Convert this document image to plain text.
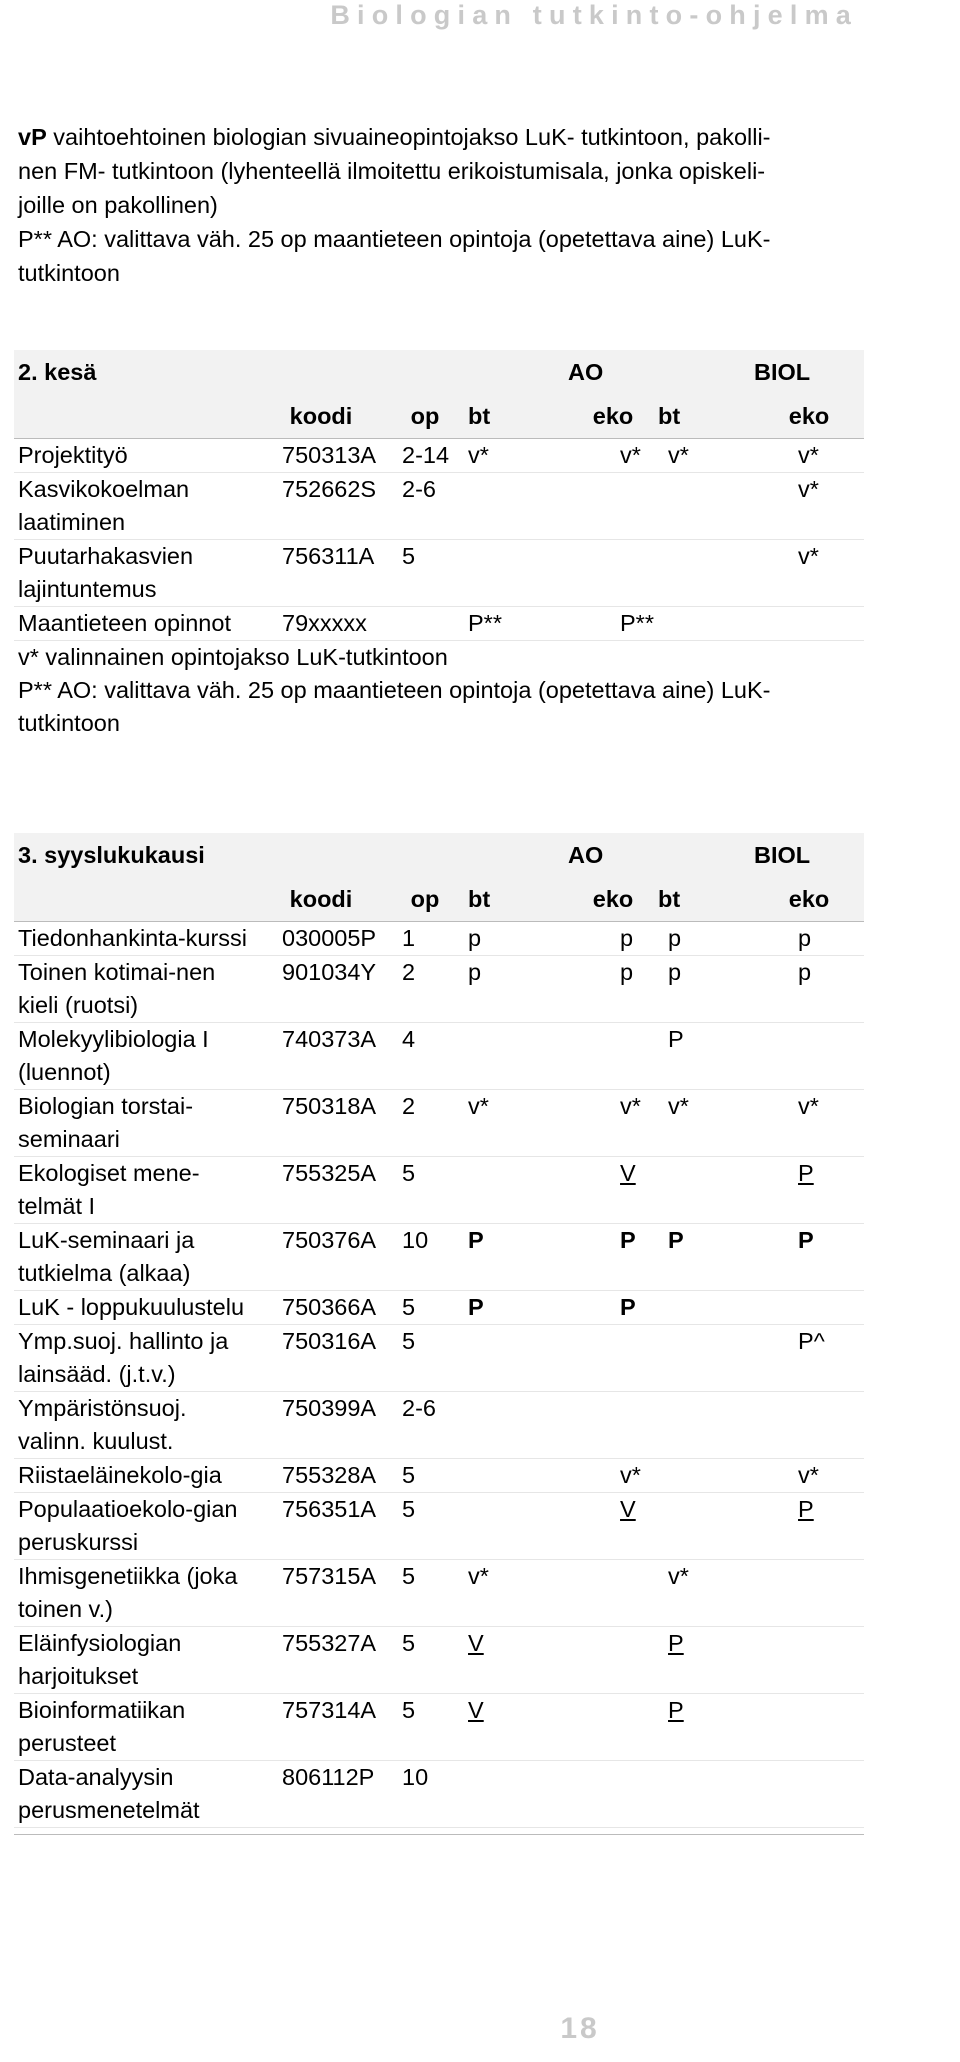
Biologian tutkinto-ohjelma

vP vaihtoehtoinen biologian sivuaineopintojakso LuK- tutkintoon, pakolli-

nen FM- tutkintoon (lyhenteellä ilmoitettu erikoistumisala, jonka opiskeli-

joille on pakollinen)

P** AO: valittava väh. 25 op maantieteen opintoja (opetettava aine) LuK-

tutkintoon

2. kesä				AO		BIOL
	koodi	op	bt	eko	bt	eko
Projektityö	750313A	2-14	v*	v*	v*	v*
Kasvikokoelman laatiminen	752662S	2-6				v*
Puutarhakasvien lajintuntemus	756311A	5				v*
Maantieteen opinnot	79xxxxx		P**	P**		
v* valinnainen opintojakso LuK-tutkintoon						
P** AO: valittava väh. 25 op maantieteen opintoja (opetettava aine) LuK-tutkintoon						
3. syyslukukausi				AO		BIOL
	koodi	op	bt	eko	bt	eko
Tiedonhankinta-kurssi	030005P	1	p	p	p	p
Toinen kotimai-nen kieli (ruotsi)	901034Y	2	p	p	p	p
Molekyylibiologia I (luennot)	740373A	4			P	
Biologian torstai-seminaari	750318A	2	v*	v*	v*	v*
Ekologiset mene-telmät I	755325A	5		V		P
LuK-seminaari ja tutkielma (alkaa)	750376A	10	P	P	P	P
LuK - loppukuulustelu	750366A	5	P	P		
Ymp.suoj. hallinto ja lainsääd. (j.t.v.)	750316A	5				P^
Ympäristönsuoj. valinn. kuulust.	750399A	2-6				
Riistaeläinekolo-gia	755328A	5		v*		v*
Populaatioekolo-gian peruskurssi	756351A	5		V		P
Ihmisgenetiikka (joka toinen v.)	757315A	5	v*		v*	
Eläinfysiologian harjoitukset	755327A	5	V		P	
Bioinformatiikan perusteet	757314A	5	V		P	
Data-analyysin perusmenetelmät	806112P	10				

18
